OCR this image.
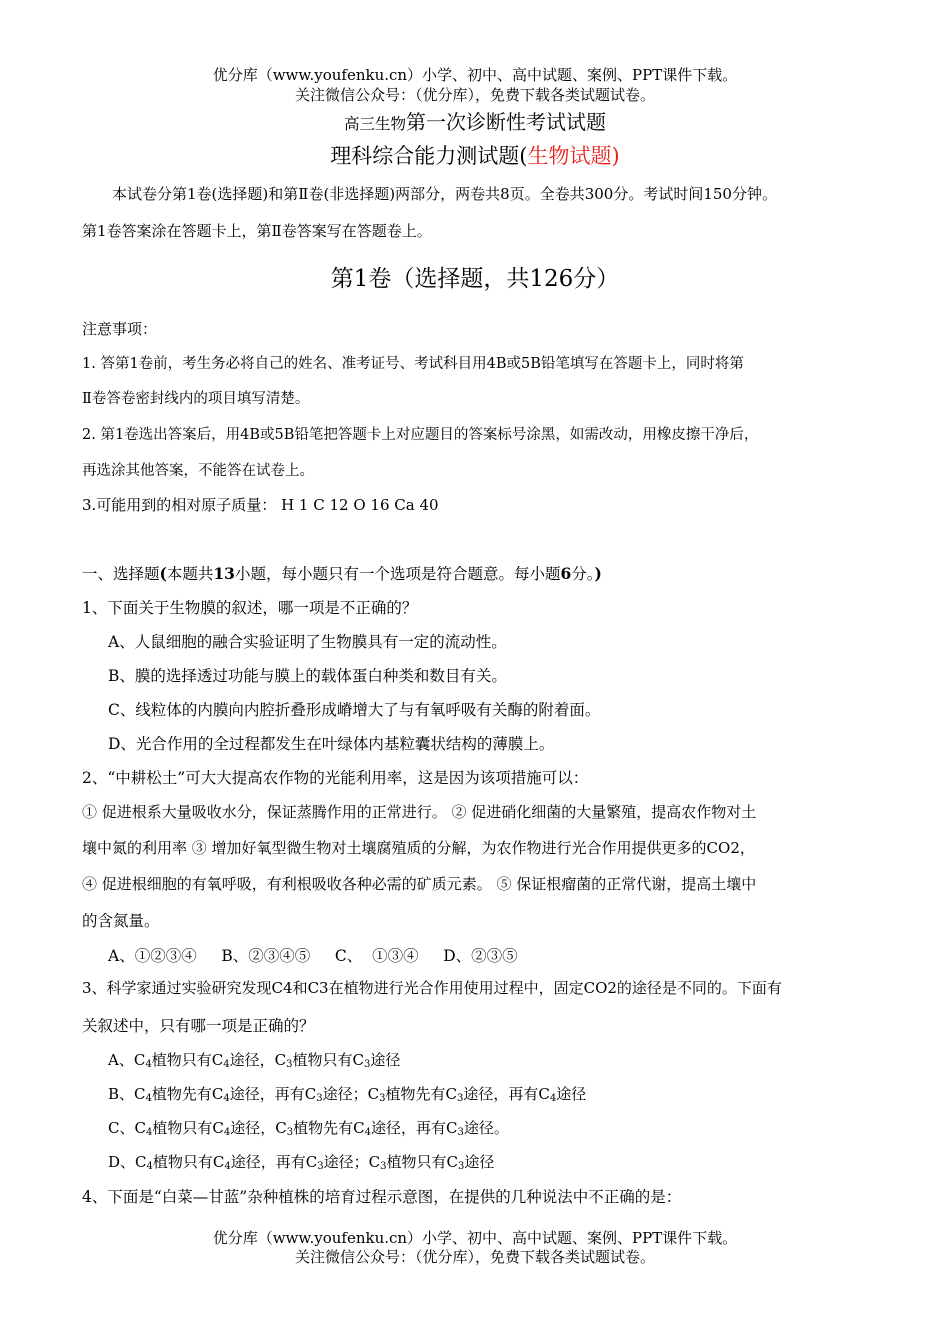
优分库（www.youfenku.cn）小学、初中、高中试题、案例、PPT课件下载。
关注微信公众号：（优分库），免费下载各类试题试卷。
高三生物第一次诊断性考试试题
理科综合能力测试题(生物试题)
本试卷分第1卷(选择题)和第Ⅱ卷(非选择题)两部分，两卷共8页。全卷共300分。考试时间150分钟。
第1卷答案涂在答题卡上，第Ⅱ卷答案写在答题卷上。
第1卷（选择题，共126分）
注意事项：
1. 答第1卷前，考生务必将自己的姓名、准考证号、考试科目用4B或5B铅笔填写在答题卡上，同时将第
Ⅱ卷答卷密封线内的项目填写清楚。
2. 第1卷选出答案后，用4B或5B铅笔把答题卡上对应题目的答案标号涂黑，如需改动，用橡皮擦干净后，
再选涂其他答案，不能答在试卷上。
3.可能用到的相对原子质量： H 1 C 12 O 16 Ca 40
一、选择题(本题共13小题，每小题只有一个选项是符合题意。每小题6分。)
1、下面关于生物膜的叙述，哪一项是不正确的？
A、人鼠细胞的融合实验证明了生物膜具有一定的流动性。
B、膜的选择透过功能与膜上的载体蛋白种类和数目有关。
C、线粒体的内膜向内腔折叠形成嵴增大了与有氧呼吸有关酶的附着面。
D、光合作用的全过程都发生在叶绿体内基粒囊状结构的薄膜上。
2、“中耕松土”可大大提高农作物的光能利用率，这是因为该项措施可以：
① 促进根系大量吸收水分，保证蒸腾作用的正常进行。 ② 促进硝化细菌的大量繁殖，提高农作物对土
壤中氮的利用率 ③ 增加好氧型微生物对土壤腐殖质的分解，为农作物进行光合作用提供更多的CO2，
④ 促进根细胞的有氧呼吸，有利根吸收各种必需的矿质元素。 ⑤ 保证根瘤菌的正常代谢，提高土壤中
的含氮量。
A、①②③④     B、②③④⑤     C、  ①③④     D、②③⑤
3、科学家通过实验研究发现C4和C3在植物进行光合作用使用过程中，固定CO2的途径是不同的。下面有
关叙述中，只有哪一项是正确的？
A、$C_4$植物只有$C_4$途径，$C_3$植物只有$C_3$途径
B、$C_4$植物先有$C_4$途径，再有$C_3$途径；$C_3$植物先有$C_3$途径，再有$C_4$途径
C、$C_4$植物只有$C_4$途径，$C_3$植物先有$C_4$途径，再有$C_3$途径。
D、$C_4$植物只有$C_4$途径，再有$C_3$途径；$C_3$植物只有$C_3$途径
4、下面是“白菜—甘蓝”杂种植株的培育过程示意图，在提供的几种说法中不正确的是：
优分库（www.youfenku.cn）小学、初中、高中试题、案例、PPT课件下载。
关注微信公众号：（优分库），免费下载各类试题试卷。
